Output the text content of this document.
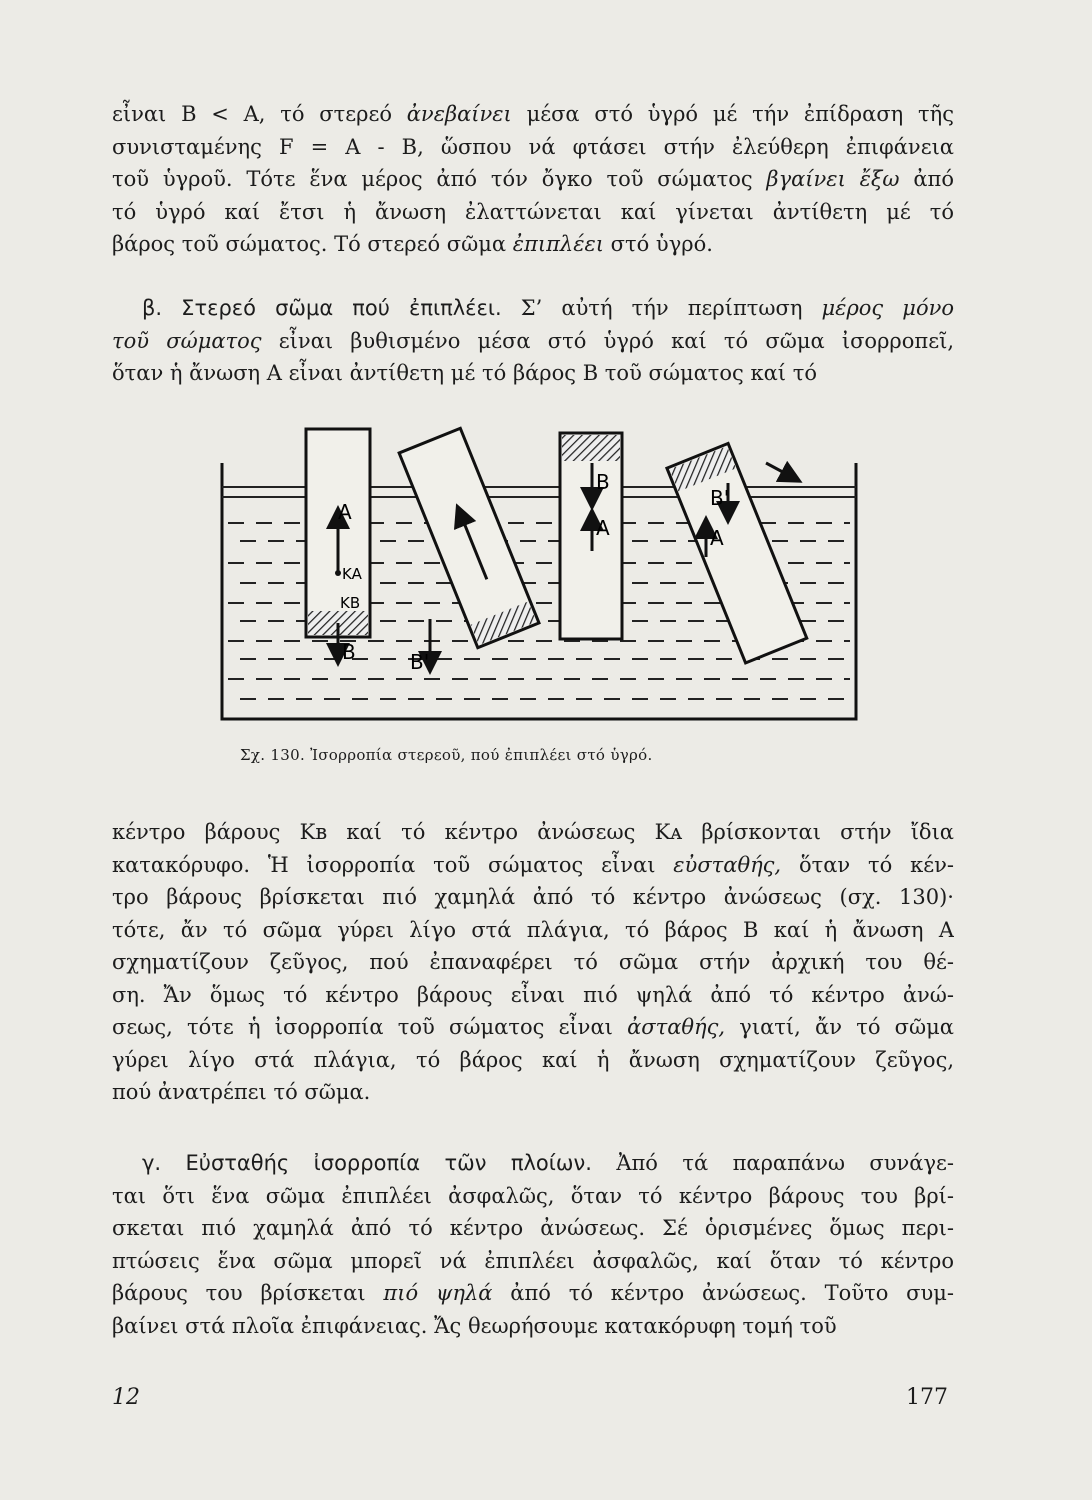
εἶναι Β < Α, τό στερεό ἀνεβαίνει μέσα στό ὑγρό μέ τήν ἐπίδραση τῆς
συνισταμένης F = A - B, ὥσπου νά φτάσει στήν ἐλεύθερη ἐπιφάνεια
τοῦ ὑγροῦ. Τότε ἕνα μέρος ἀπό τόν ὄγκο τοῦ σώματος βγαίνει ἔξω ἀπό
τό ὑγρό καί ἔτσι ἡ ἄνωση ἐλαττώνεται καί γίνεται ἀντίθετη μέ τό
βάρος τοῦ σώματος. Τό στερεό σῶμα ἐπιπλέει στό ὑγρό.
β. Στερεό σῶμα πού ἐπιπλέει. Σ’ αὐτή τήν περίπτωση μέρος μόνο
τοῦ σώματος εἶναι βυθισμένο μέσα στό ὑγρό καί τό σῶμα ἰσορροπεῖ,
ὅταν ἡ ἄνωση Α εἶναι ἀντίθετη μέ τό βάρος Β τοῦ σώματος καί τό
A
KA
KB
B	B'
B
A
B'
A
Σχ. 130. Ἰσορροπία στερεοῦ, πού ἐπιπλέει στό ὑγρό.
κέντρο βάρους Kʙ καί τό κέντρο ἀνώσεως Kᴀ βρίσκονται στήν ἴδια
κατακόρυφο. Ἡ ἰσορροπία τοῦ σώματος εἶναι εὐσταθής, ὅταν τό κέν-
τρο βάρους βρίσκεται πιό χαμηλά ἀπό τό κέντρο ἀνώσεως (σχ. 130)·
τότε, ἄν τό σῶμα γύρει λίγο στά πλάγια, τό βάρος Β καί ἡ ἄνωση Α
σχηματίζουν ζεῦγος, πού ἐπαναφέρει τό σῶμα στήν ἀρχική του θέ-
ση. Ἄν ὅμως τό κέντρο βάρους εἶναι πιό ψηλά ἀπό τό κέντρο ἀνώ-
σεως, τότε ἡ ἰσορροπία τοῦ σώματος εἶναι ἀσταθής, γιατί, ἄν τό σῶμα
γύρει λίγο στά πλάγια, τό βάρος καί ἡ ἄνωση σχηματίζουν ζεῦγος,
πού ἀνατρέπει τό σῶμα.
γ. Εὐσταθής ἰσορροπία τῶν πλοίων. Ἀπό τά παραπάνω συνάγε-
ται ὅτι ἕνα σῶμα ἐπιπλέει ἀσφαλῶς, ὅταν τό κέντρο βάρους του βρί-
σκεται πιό χαμηλά ἀπό τό κέντρο ἀνώσεως. Σέ ὁρισμένες ὅμως περι-
πτώσεις ἕνα σῶμα μπορεῖ νά ἐπιπλέει ἀσφαλῶς, καί ὅταν τό κέντρο
βάρους του βρίσκεται πιό ψηλά ἀπό τό κέντρο ἀνώσεως. Τοῦτο συμ-
βαίνει στά πλοῖα ἐπιφάνειας. Ἄς θεωρήσουμε κατακόρυφη τομή τοῦ
12	177
